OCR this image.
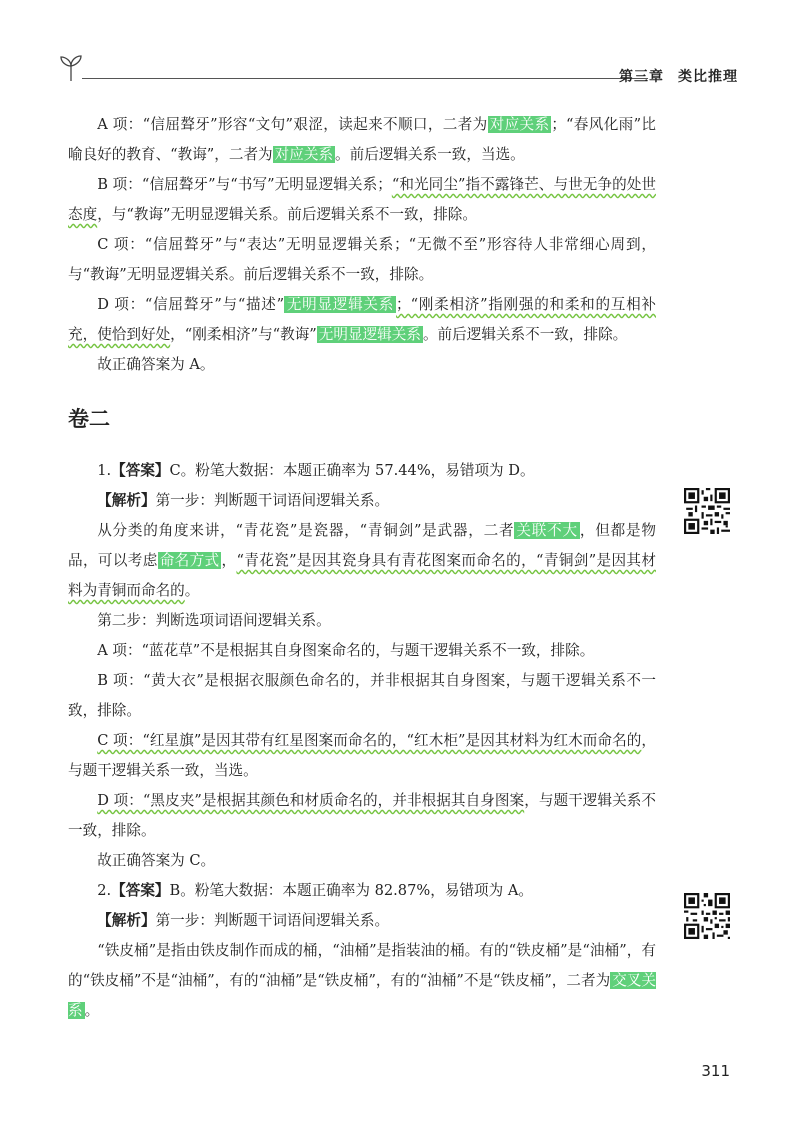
第三章 类比推理

A 项：“信屈聱牙”形容“文句”艰涩，读起来不顺口，二者为 对应关系 ；“春风化雨”比喻良好的教育、“教诲”，二者为 对应关系 。前后逻辑关系一致，当选。

B 项：“信屈聱牙”与“书写”无明显逻辑关系；“和光同尘”指不露锋芒、与世无争的处世态度，与“教诲”无明显逻辑关系。前后逻辑关系不一致，排除。

C 项：“信屈聱牙”与“表达”无明显逻辑关系；“无微不至”形容待人非常细心周到，与“教诲”无明显逻辑关系。前后逻辑关系不一致，排除。

D 项：“信屈聱牙”与“描述” 无明显逻辑关系 ；“刚柔相济”指刚强的和柔和的互相补充，使恰到好处，“刚柔相济”与“教诲” 无明显逻辑关系 。前后逻辑关系不一致，排除。

故正确答案为 A。

卷二

1.【答案】C。粉笔大数据：本题正确率为 57.44%，易错项为 D。

【解析】第一步：判断题干词语间逻辑关系。

从分类的角度来讲，“青花瓷”是瓷器，“青铜剑”是武器，二者 关联不大 ，但都是物品，可以考虑 命名方式 ，“青花瓷”是因其瓷身具有青花图案而命名的，“青铜剑”是因其材料为青铜而命名的。

第二步：判断选项词语间逻辑关系。

A 项：“蓝花草”不是根据其自身图案命名的，与题干逻辑关系不一致，排除。

B 项：“黄大衣”是根据衣服颜色命名的，并非根据其自身图案，与题干逻辑关系不一致，排除。

C 项：“红星旗”是因其带有红星图案而命名的，“红木柜”是因其材料为红木而命名的，与题干逻辑关系一致，当选。

D 项：“黑皮夹”是根据其颜色和材质命名的，并非根据其自身图案，与题干逻辑关系不一致，排除。

故正确答案为 C。

2.【答案】B。粉笔大数据：本题正确率为 82.87%，易错项为 A。

【解析】第一步：判断题干词语间逻辑关系。

“铁皮桶”是指由铁皮制作而成的桶，“油桶”是指装油的桶。有的“铁皮桶”是“油桶”，有的“铁皮桶”不是“油桶”，有的“油桶”是“铁皮桶”，有的“油桶”不是“铁皮桶”，二者为 交叉关系 。

311
